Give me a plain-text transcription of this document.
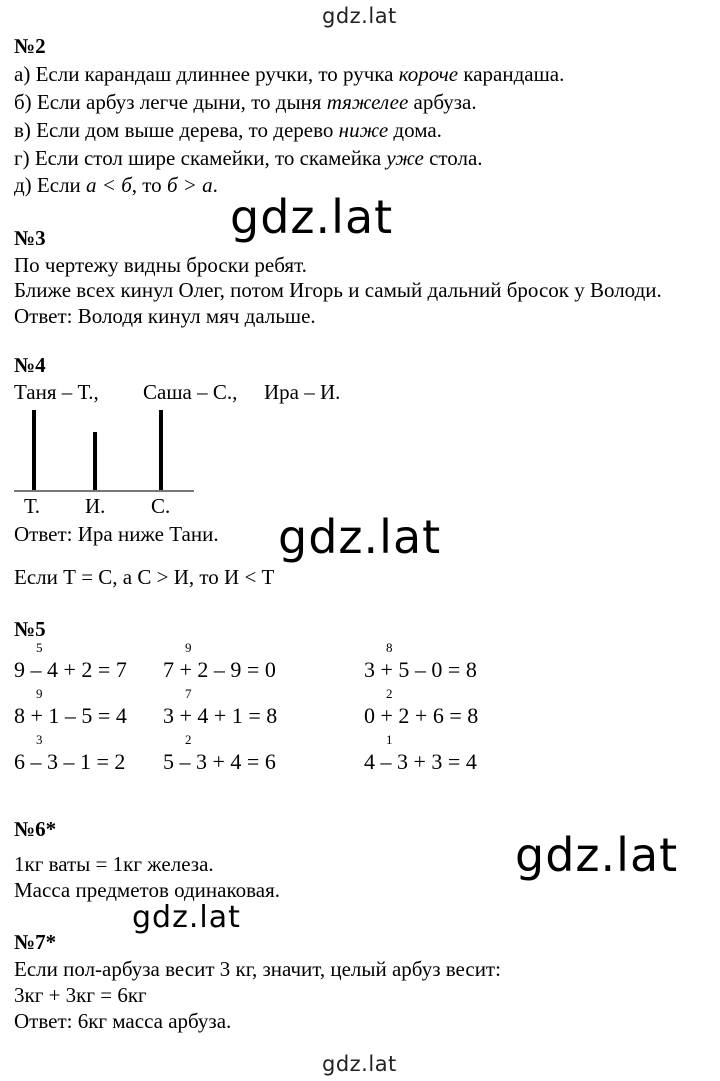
gdz.lat
gdz.lat
gdz.lat
gdz.lat
gdz.lat
gdz.lat
№2
а) Если карандаш длиннее ручки, то ручка короче карандаша.
б) Если арбуз легче дыни, то дыня тяжелее арбуза.
в) Если дом выше дерева, то дерево ниже дома.
г) Если стол шире скамейки, то скамейка уже стола.
д) Если а < б, то б > а.
№3
По чертежу видны броски ребят.
Ближе всех кинул Олег, потом Игорь и самый дальний бросок у Володи.
Ответ: Володя кинул мяч дальше.
№4
Таня – Т., Саша – С., Ира – И.
Т. И. С.
Ответ: Ира ниже Тани.
Если Т = С, а С > И, то И < Т
№5
5
9 – 4 + 2 = 7
9
7 + 2 – 9 = 0
8
3 + 5 – 0 = 8
9
8 + 1 – 5 = 4
7
3 + 4 + 1 = 8
2
0 + 2 + 6 = 8
3
6 – 3 – 1 = 2
2
5 – 3 + 4 = 6
1
4 – 3 + 3 = 4
№6*
1кг ваты = 1кг железа.
Масса предметов одинаковая.
№7*
Если пол-арбуза весит 3 кг, значит, целый арбуз весит:
3кг + 3кг = 6кг
Ответ: 6кг масса арбуза.
